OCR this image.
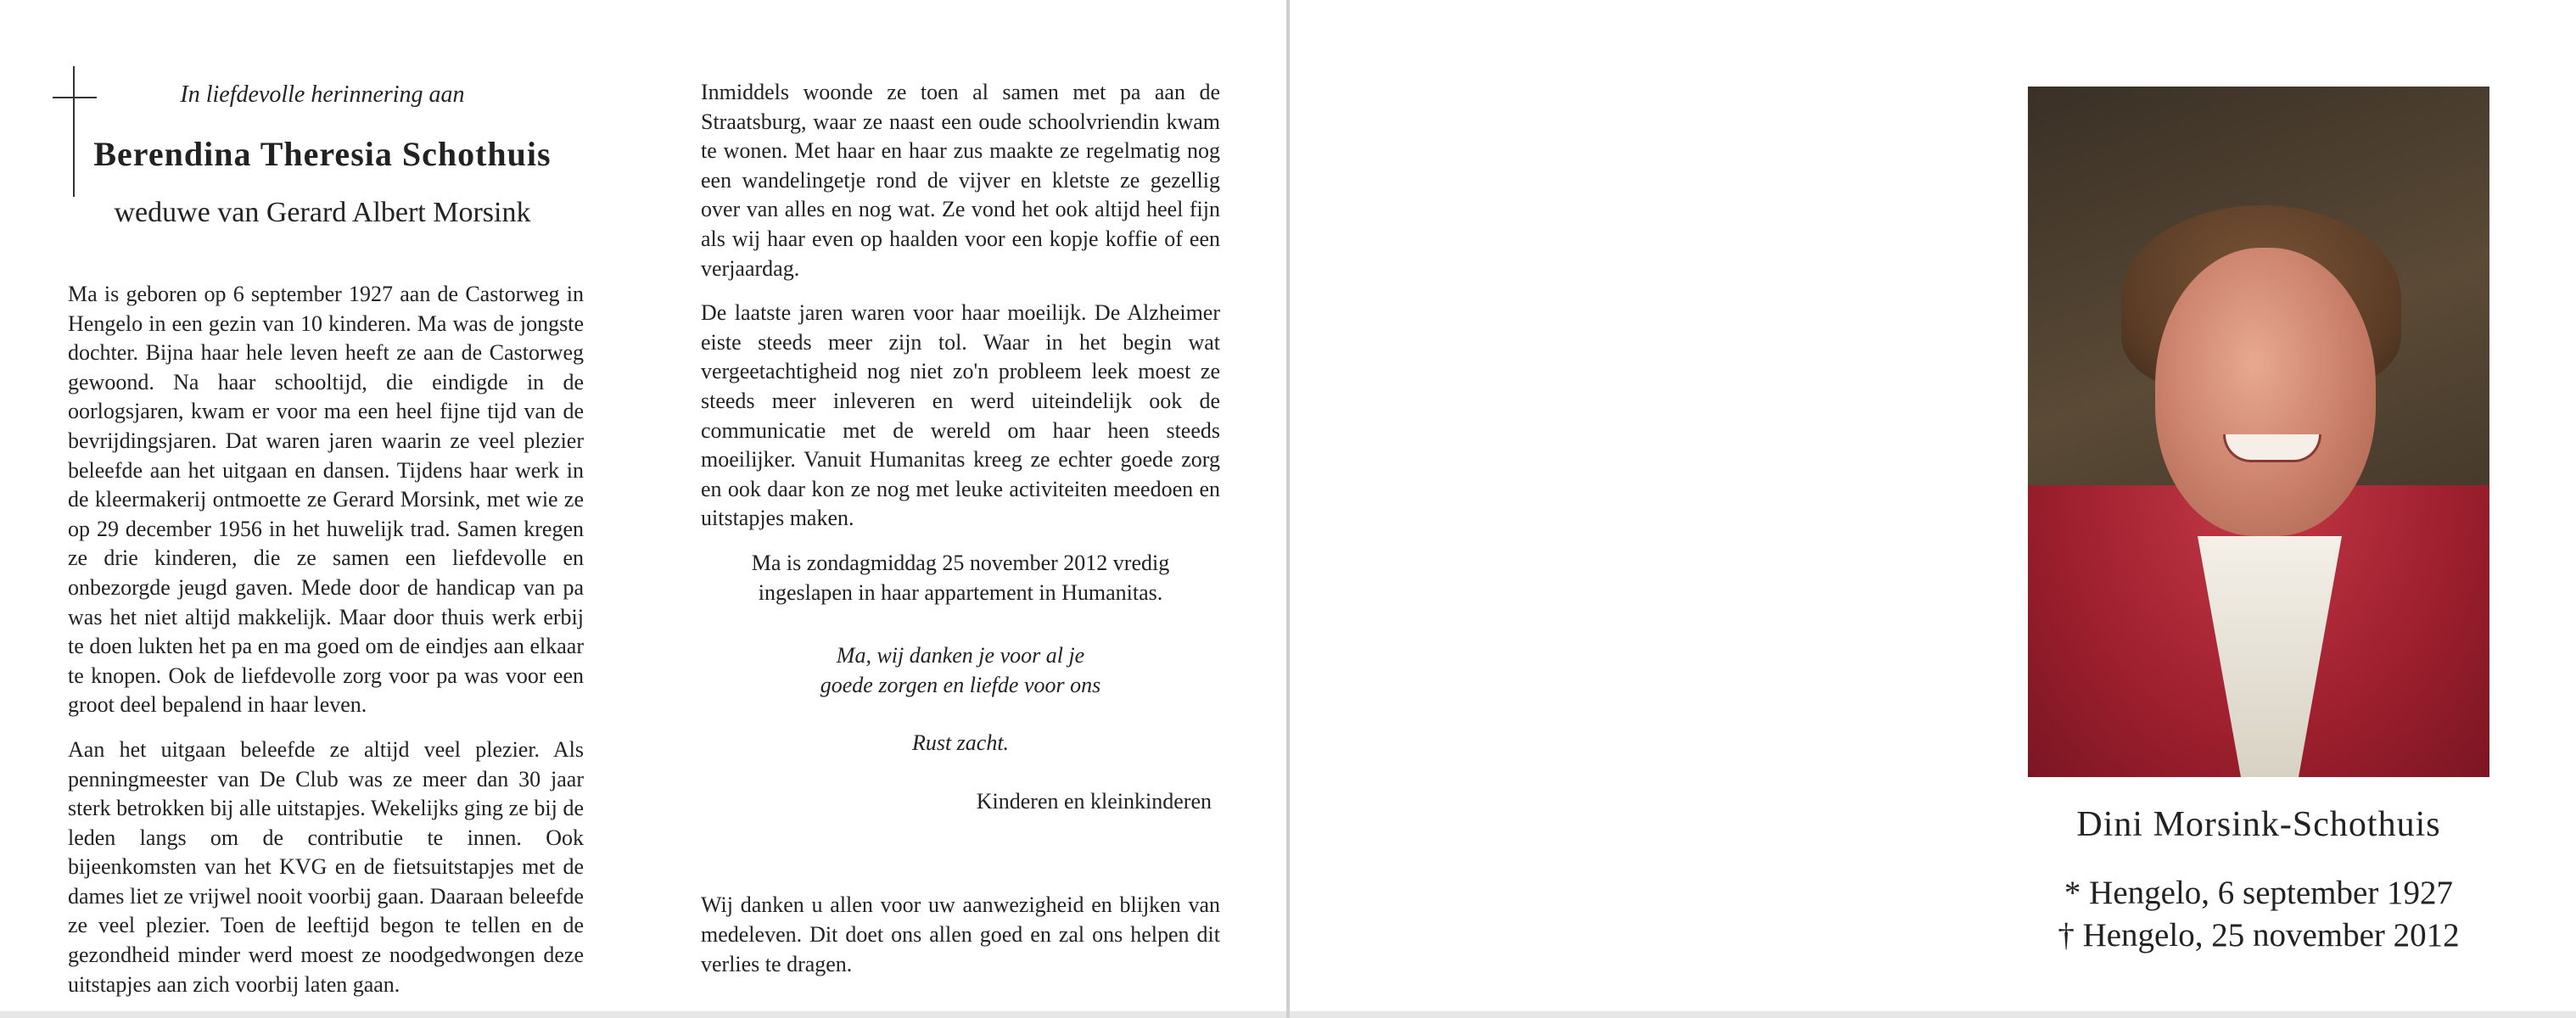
In liefdevolle herinnering aan
Berendina Theresia Schothuis
weduwe van Gerard Albert Morsink

Ma is geboren op 6 september 1927 aan de Castorweg in Hengelo in een gezin van 10 kinderen. Ma was de jongste dochter. Bijna haar hele leven heeft ze aan de Castorweg gewoond. Na haar schooltijd, die eindigde in de oorlogsjaren, kwam er voor ma een heel fijne tijd van de bevrijdingsjaren. Dat waren jaren waarin ze veel plezier beleefde aan het uitgaan en dansen. Tijdens haar werk in de kleermakerij ontmoette ze Gerard Morsink, met wie ze op 29 december 1956 in het huwelijk trad. Samen kregen ze drie kinderen, die ze samen een liefdevolle en onbezorgde jeugd gaven. Mede door de handicap van pa was het niet altijd makkelijk. Maar door thuis werk erbij te doen lukten het pa en ma goed om de eindjes aan elkaar te knopen. Ook de liefdevolle zorg voor pa was voor een groot deel bepalend in haar leven.

Aan het uitgaan beleefde ze altijd veel plezier. Als penningmeester van De Club was ze meer dan 30 jaar sterk betrokken bij alle uitstapjes. Wekelijks ging ze bij de leden langs om de contributie te innen. Ook bijeenkomsten van het KVG en de fietsuitstapjes met de dames liet ze vrijwel nooit voorbij gaan. Daaraan beleefde ze veel plezier. Toen de leeftijd begon te tellen en de gezondheid minder werd moest ze noodgedwongen deze uitstapjes aan zich voorbij laten gaan.

Inmiddels woonde ze toen al samen met pa aan de Straatsburg, waar ze naast een oude schoolvriendin kwam te wonen. Met haar en haar zus maakte ze regelmatig nog een wandelingetje rond de vijver en kletste ze gezellig over van alles en nog wat. Ze vond het ook altijd heel fijn als wij haar even op haalden voor een kopje koffie of een verjaardag.

De laatste jaren waren voor haar moeilijk. De Alzheimer eiste steeds meer zijn tol. Waar in het begin wat vergeetachtigheid nog niet zo'n probleem leek moest ze steeds meer inleveren en werd uiteindelijk ook de communicatie met de wereld om haar heen steeds moeilijker. Vanuit Humanitas kreeg ze echter goede zorg en ook daar kon ze nog met leuke activiteiten meedoen en uitstapjes maken.

Ma is zondagmiddag 25 november 2012 vredig ingeslapen in haar appartement in Humanitas.

Ma, wij danken je voor al je
goede zorgen en liefde voor ons
Rust zacht.
Kinderen en kleinkinderen

Wij danken u allen voor uw aanwezigheid en blijken van medeleven. Dit doet ons allen goed en zal ons helpen dit verlies te dragen.

Dini Morsink-Schothuis
* Hengelo, 6 september 1927
† Hengelo, 25 november 2012
